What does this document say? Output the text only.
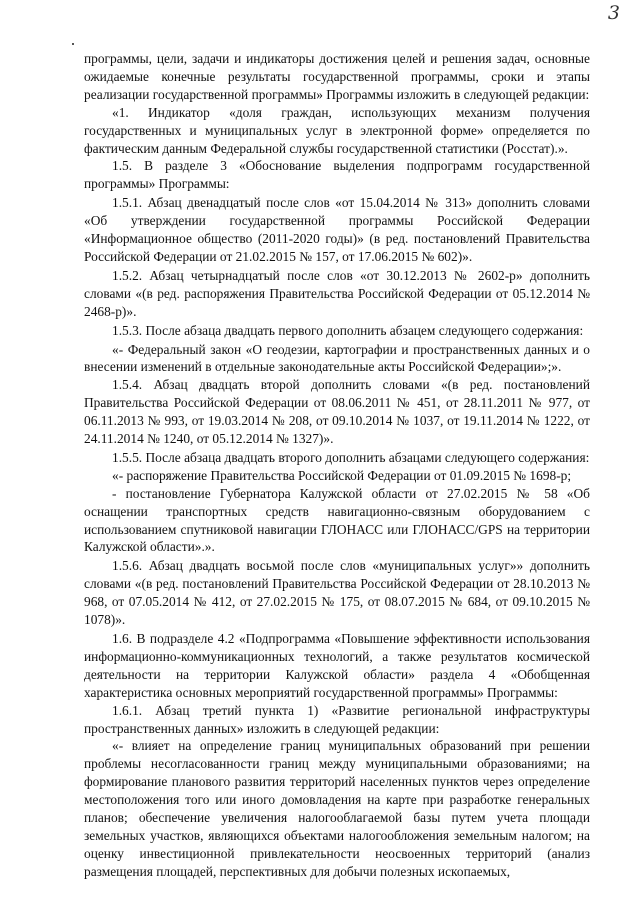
3

программы, цели, задачи и индикаторы достижения целей и решения задач, основные ожидаемые конечные результаты государственной программы, сроки и этапы реализации государственной программы» Программы изложить в следующей редакции:

«1. Индикатор «доля граждан, использующих механизм получения государственных и муниципальных услуг в электронной форме» определяется по фактическим данным Федеральной службы государственной статистики (Росстат).».

1.5. В разделе 3 «Обоснование выделения подпрограмм государственной программы» Программы:

1.5.1. Абзац двенадцатый после слов «от 15.04.2014 № 313» дополнить словами «Об утверждении государственной программы Российской Федерации «Информационное общество (2011-2020 годы)» (в ред. постановлений Правительства Российской Федерации от 21.02.2015 № 157, от 17.06.2015 № 602)».

1.5.2. Абзац четырнадцатый после слов «от 30.12.2013 № 2602-р» дополнить словами «(в ред. распоряжения Правительства Российской Федерации от 05.12.2014 № 2468-р)».

1.5.3. После абзаца двадцать первого дополнить абзацем следующего содержания:

«- Федеральный закон «О геодезии, картографии и пространственных данных и о внесении изменений в отдельные законодательные акты Российской Федерации»;».

1.5.4. Абзац двадцать второй дополнить словами «(в ред. постановлений Правительства Российской Федерации от 08.06.2011 № 451, от 28.11.2011 № 977, от 06.11.2013 № 993, от 19.03.2014 № 208, от 09.10.2014 № 1037, от 19.11.2014 № 1222, от 24.11.2014 № 1240, от 05.12.2014 № 1327)».

1.5.5. После абзаца двадцать второго дополнить абзацами следующего содержания:

«- распоряжение Правительства Российской Федерации от 01.09.2015 № 1698-р;

- постановление Губернатора Калужской области от 27.02.2015 № 58 «Об оснащении транспортных средств навигационно-связным оборудованием с использованием спутниковой навигации ГЛОНАСС или ГЛОНАСС/GPS на территории Калужской области».».

1.5.6. Абзац двадцать восьмой после слов «муниципальных услуг»» дополнить словами «(в ред. постановлений Правительства Российской Федерации от 28.10.2013 № 968, от 07.05.2014 № 412, от 27.02.2015 № 175, от 08.07.2015 № 684, от 09.10.2015 № 1078)».

1.6. В подразделе 4.2 «Подпрограмма «Повышение эффективности использования информационно-коммуникационных технологий, а также результатов космической деятельности на территории Калужской области» раздела 4 «Обобщенная характеристика основных мероприятий государственной программы» Программы:

1.6.1. Абзац третий пункта 1) «Развитие региональной инфраструктуры пространственных данных» изложить в следующей редакции:

«- влияет на определение границ муниципальных образований при решении проблемы несогласованности границ между муниципальными образованиями; на формирование планового развития территорий населенных пунктов через определение местоположения того или иного домовладения на карте при разработке генеральных планов; обеспечение увеличения налогооблагаемой базы путем учета площади земельных участков, являющихся объектами налогообложения земельным налогом; на оценку инвестиционной привлекательности неосвоенных территорий (анализ размещения площадей, перспективных для добычи полезных ископаемых,
